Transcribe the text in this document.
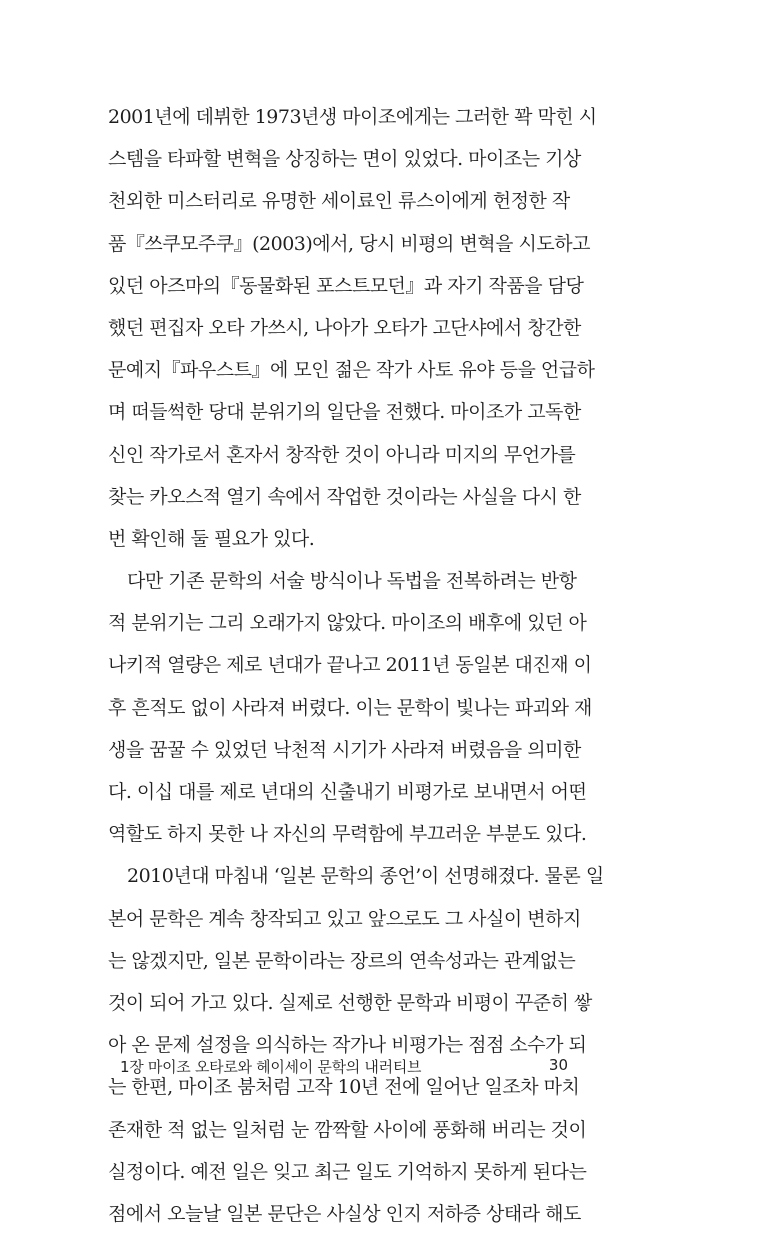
2001년에 데뷔한 1973년생 마이조에게는 그러한 꽉 막힌 시
스템을 타파할 변혁을 상징하는 면이 있었다. 마이조는 기상
천외한 미스터리로 유명한 세이료인 류스이에게 헌정한 작
품『쓰쿠모주쿠』(2003)에서, 당시 비평의 변혁을 시도하고
있던 아즈마의『동물화된 포스트모던』과 자기 작품을 담당
했던 편집자 오타 가쓰시, 나아가 오타가 고단샤에서 창간한
문예지『파우스트』에 모인 젊은 작가 사토 유야 등을 언급하
며 떠들썩한 당대 분위기의 일단을 전했다. 마이조가 고독한
신인 작가로서 혼자서 창작한 것이 아니라 미지의 무언가를
찾는 카오스적 열기 속에서 작업한 것이라는 사실을 다시 한
번 확인해 둘 필요가 있다.
다만 기존 문학의 서술 방식이나 독법을 전복하려는 반항
적 분위기는 그리 오래가지 않았다. 마이조의 배후에 있던 아
나키적 열량은 제로 년대가 끝나고 2011년 동일본 대진재 이
후 흔적도 없이 사라져 버렸다. 이는 문학이 빛나는 파괴와 재
생을 꿈꿀 수 있었던 낙천적 시기가 사라져 버렸음을 의미한
다. 이십 대를 제로 년대의 신출내기 비평가로 보내면서 어떤
역할도 하지 못한 나 자신의 무력함에 부끄러운 부분도 있다.
2010년대 마침내 ‘일본 문학의 종언’이 선명해졌다. 물론 일
본어 문학은 계속 창작되고 있고 앞으로도 그 사실이 변하지
는 않겠지만, 일본 문학이라는 장르의 연속성과는 관계없는
것이 되어 가고 있다. 실제로 선행한 문학과 비평이 꾸준히 쌓
아 온 문제 설정을 의식하는 작가나 비평가는 점점 소수가 되
는 한편, 마이조 붐처럼 고작 10년 전에 일어난 일조차 마치
존재한 적 없는 일처럼 눈 깜짝할 사이에 풍화해 버리는 것이
실정이다. 예전 일은 잊고 최근 일도 기억하지 못하게 된다는
점에서 오늘날 일본 문단은 사실상 인지 저하증 상태라 해도
1장 마이조 오타로와 헤이세이 문학의 내러티브	30
